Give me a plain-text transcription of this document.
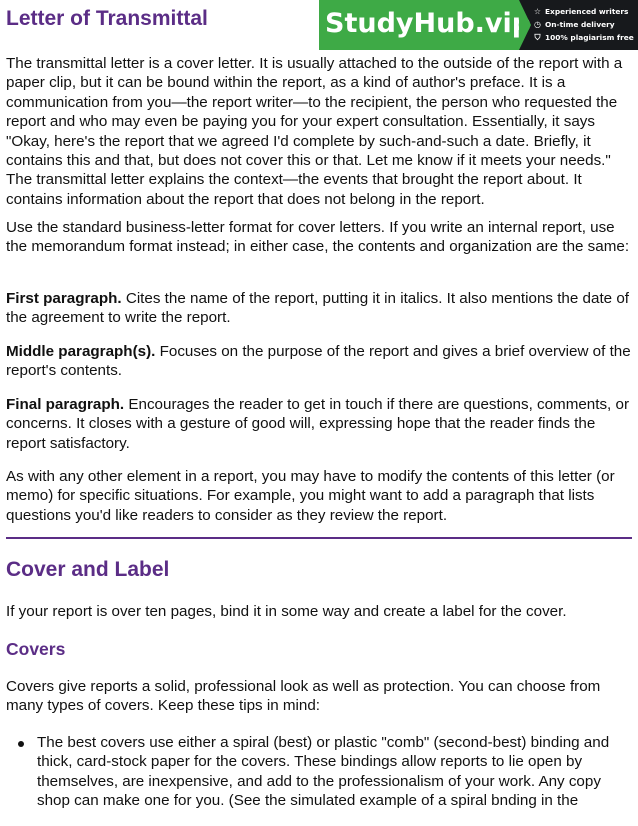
Letter of Transmittal

The transmittal letter is a cover letter. It is usually attached to the outside of the report with a paper clip, but it can be bound within the report, as a kind of author's preface. It is a communication from you—the report writer—to the recipient, the person who requested the report and who may even be paying you for your expert consultation. Essentially, it says "Okay, here's the report that we agreed I'd complete by such-and-such a date. Briefly, it contains this and that, but does not cover this or that. Let me know if it meets your needs." The transmittal letter explains the context—the events that brought the report about. It contains information about the report that does not belong in the report.

Use the standard business-letter format for cover letters. If you write an internal report, use the memorandum format instead; in either case, the contents and organization are the same:

First paragraph. Cites the name of the report, putting it in italics. It also mentions the date of the agreement to write the report.

Middle paragraph(s). Focuses on the purpose of the report and gives a brief overview of the report's contents.

Final paragraph. Encourages the reader to get in touch if there are questions, comments, or concerns. It closes with a gesture of good will, expressing hope that the reader finds the report satisfactory.

As with any other element in a report, you may have to modify the contents of this letter (or memo) for specific situations. For example, you might want to add a paragraph that lists questions you'd like readers to consider as they review the report.

Cover and Label

If your report is over ten pages, bind it in some way and create a label for the cover.

Covers

Covers give reports a solid, professional look as well as protection. You can choose from many types of covers. Keep these tips in mind:

The best covers use either a spiral (best) or plastic "comb" (second-best) binding and thick, card-stock paper for the covers. These bindings allow reports to lie open by themselves, are inexpensive, and add to the professionalism of your work. Any copy shop can make one for you. (See the simulated example of a spiral bnding in the
StudyHub.vip ☆ Experienced writers
◷ On-time delivery
⛉ 100% plagiarism free
